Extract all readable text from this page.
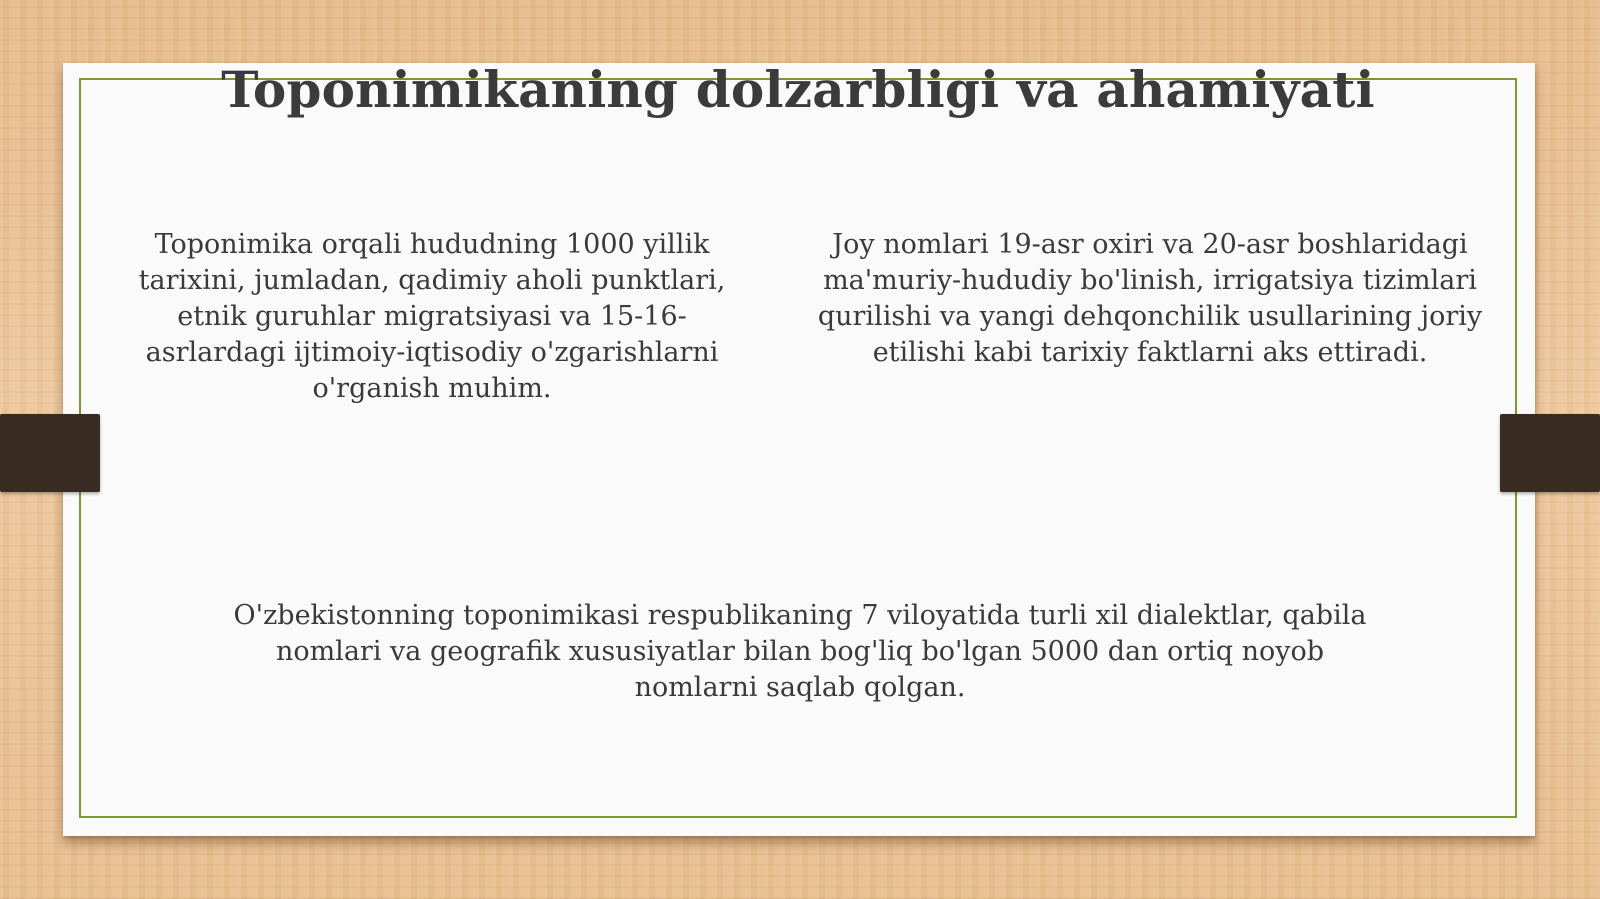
Toponimikaning dolzarbligi va ahamiyati

Toponimika orqali hududning 1000 yillik tarixini, jumladan, qadimiy aholi punktlari, etnik guruhlar migratsiyasi va 15-16-asrlardagi ijtimoiy-iqtisodiy o'zgarishlarni o'rganish muhim.

Joy nomlari 19-asr oxiri va 20-asr boshlaridagi ma'muriy-hududiy bo'linish, irrigatsiya tizimlari qurilishi va yangi dehqonchilik usullarining joriy etilishi kabi tarixiy faktlarni aks ettiradi.

O'zbekistonning toponimikasi respublikaning 7 viloyatida turli xil dialektlar, qabila nomlari va geografik xususiyatlar bilan bog'liq bo'lgan 5000 dan ortiq noyob nomlarni saqlab qolgan.
